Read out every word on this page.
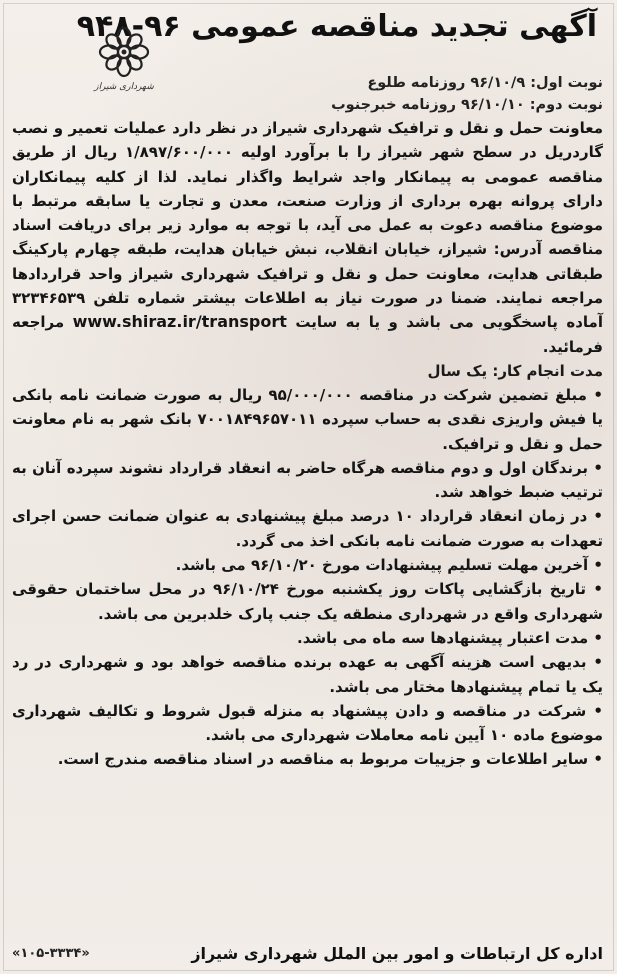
آگهی تجدید مناقصه عمومی ۹۶-۹۴۸
شهرداری شیراز	نوبت اول: ۹۶/۱۰/۹ روزنامه طلوع
نوبت دوم: ۹۶/۱۰/۱۰ روزنامه خبرجنوب
معاونت حمل و نقل و ترافیک شهرداری شیراز در نظر دارد عملیات تعمیر و نصب گاردریل در سطح شهر شیراز را با برآورد اولیه ۱/۸۹۷/۶۰۰/۰۰۰ ریال از طریق مناقصه عمومی به پیمانکار واجد شرایط واگذار نماید. لذا از کلیه پیمانکاران دارای پروانه بهره برداری از وزارت صنعت، معدن و تجارت یا سابقه مرتبط با موضوع مناقصه دعوت به عمل می آید، با توجه به موارد زیر برای دریافت اسناد مناقصه آدرس: شیراز، خیابان انقلاب، نبش خیابان هدایت، طبقه چهارم پارکینگ طبقاتی هدایت، معاونت حمل و نقل و ترافیک شهرداری شیراز واحد قراردادها مراجعه نمایند. ضمنا در صورت نیاز به اطلاعات بیشتر شماره تلفن ۳۲۳۴۶۵۳۹ آماده پاسخگویی می باشد و یا به سایت www.shiraz.ir/transport مراجعه فرمائید.
مدت انجام کار: یک سال
• مبلغ تضمین شرکت در مناقصه ۹۵/۰۰۰/۰۰۰ ریال به صورت ضمانت نامه بانکی یا فیش واریزی نقدی به حساب سپرده ۷۰۰۱۸۴۹۶۵۷۰۱۱ بانک شهر به نام معاونت حمل و نقل و ترافیک.
• برندگان اول و دوم مناقصه هرگاه حاضر به انعقاد قرارداد نشوند سپرده آنان به ترتیب ضبط خواهد شد.
• در زمان انعقاد قرارداد ۱۰ درصد مبلغ پیشنهادی به عنوان ضمانت حسن اجرای تعهدات به صورت ضمانت نامه بانکی اخذ می گردد.
• آخرین مهلت تسلیم پیشنهادات مورخ ۹۶/۱۰/۲۰ می باشد.
• تاریخ بازگشایی پاکات روز یکشنبه مورخ ۹۶/۱۰/۲۴ در محل ساختمان حقوقی شهرداری واقع در شهرداری منطقه یک جنب پارک خلدبرین می باشد.
• مدت اعتبار پیشنهادها سه ماه می باشد.
• بدیهی است هزینه آگهی به عهده برنده مناقصه خواهد بود و شهرداری در رد یک یا تمام پیشنهادها مختار می باشد.
• شرکت در مناقصه و دادن پیشنهاد به منزله قبول شروط و تکالیف شهرداری موضوع ماده ۱۰ آیین نامه معاملات شهرداری می باشد.
• سایر اطلاعات و جزییات مربوط به مناقصه در اسناد مناقصه مندرج است.
اداره کل ارتباطات و امور بین الملل شهرداری شیراز
«۱۰۵-۳۳۳۴»
